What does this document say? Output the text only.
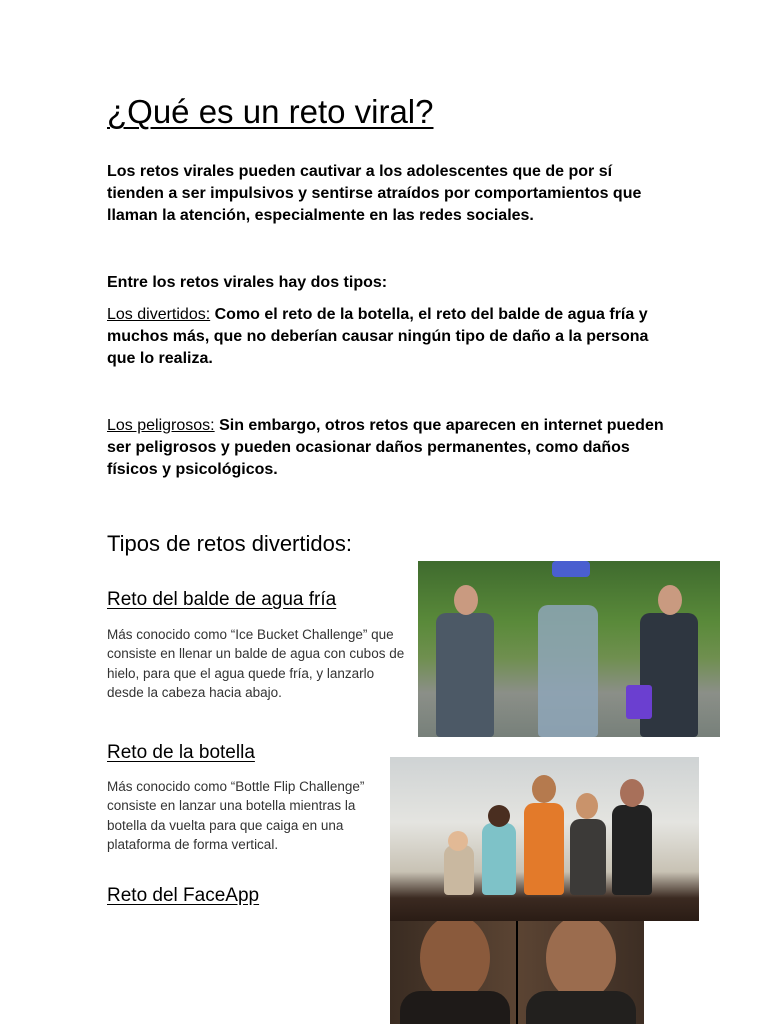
¿Qué es un reto viral?
Los retos virales pueden cautivar a los adolescentes que de por sí tienden a ser impulsivos y sentirse atraídos por comportamientos que llaman la atención, especialmente en las redes sociales.
Entre los retos virales hay dos tipos:
Los divertidos: Como el reto de la botella, el reto del balde de agua fría y muchos más, que no deberían causar ningún tipo de daño a la persona que lo realiza.
Los peligrosos: Sin embargo, otros retos que aparecen en internet pueden ser peligrosos y pueden ocasionar daños permanentes, como daños físicos y psicológicos.
Tipos de retos divertidos:
Reto del balde de agua fría
Más conocido como “Ice Bucket Challenge” que consiste en llenar un balde de agua con cubos de hielo, para que el agua quede fría, y lanzarlo desde la cabeza hacia abajo.
Reto de la botella
Más conocido como “Bottle Flip Challenge” consiste en lanzar una botella mientras la botella da vuelta para que caiga en una plataforma de forma vertical.
Reto del FaceApp
